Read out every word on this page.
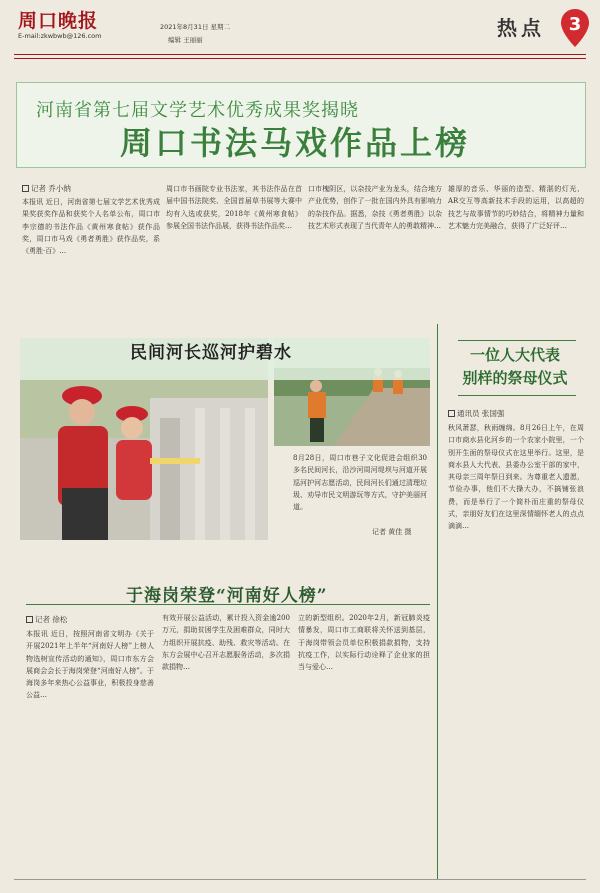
周口晚报
E-mail:zkwbwb@126.com
2021年8月31日 星期二
编辑 王丽丽	热点	3
河南省第七届文学艺术优秀成果奖揭晓
周口书法马戏作品上榜
记者 乔小纳
本报讯 近日，河南省第七届文学艺术优秀成果奖获奖作品和获奖个人名单公布，周口市李宗德的书法作品《黄州寒食帖》获作品奖，周口市马戏《勇者勇胜》获作品奖，系《勇胜·百》…
周口市书画院专业书法家，其书法作品在首届中国书法院奖、全国首届草书展等大赛中均有入选或获奖，2018年《黄州寒食帖》参展全国书法作品展，获得书法作品奖…
口市槐阴区，以杂技产业为龙头，结合地方产业优势，创作了一批在国内外具有影响力的杂技作品。据悉，杂技《勇者勇胜》以杂技艺术形式表现了当代青年人的勇敢精神…
雄厚的音乐、华丽的造型、精湛的灯光、AR交互等高新技术手段的运用，以高超的技艺与故事情节的巧妙结合，将精神力量和艺术魅力完美融合，获得了广泛好评…
民间河长巡河护碧水
8月28日，周口市巷子文化促进会组织30多名民间河长，沿沙河周河堤坝与河道开展巡河护河志愿活动，民间河长们通过清理垃圾、劝导市民文明游玩等方式，守护美丽河道。
记者 黄佳 摄
一位人大代表
别样的祭母仪式
通讯员 张国强
秋风萧瑟，秋雨缠绵。8月26日上午，在周口市商水县化河乡的一个农家小院里，一个别开生面的祭母仪式在这里举行。这里，是商水县人大代表、县委办公室干部的家中，其母亲三周年祭日到来。为尊重老人遗愿，节俭办事，他们不大操大办，不搞铺张浪费，而是举行了一个简朴而庄重的祭母仪式，亲朋好友们在这里深情缅怀老人的点点滴滴…
于海岗荣登“河南好人榜”
记者 徐松
本报讯 近日，按照河南省文明办《关于开展2021年上半年“河南好人榜”上榜人物选树宣传活动的通知》，周口市东方会展商会会长于海岗荣登“河南好人榜”。于海岗多年来热心公益事业，积极投身慈善公益…
有效开展公益活动，累计投入资金逾200万元，捐助贫困学生及困难群众，同时大力组织开展抗疫、助残、救灾等活动。在东方会展中心召开志愿服务活动，多次捐款捐物…
立的新型组织。2020年2月，新冠肺炎疫情暴发，周口市工商联将关怀送到基层，于海岗带领会员单位积极捐款捐物，支持抗疫工作，以实际行动诠释了企业家的担当与爱心…
